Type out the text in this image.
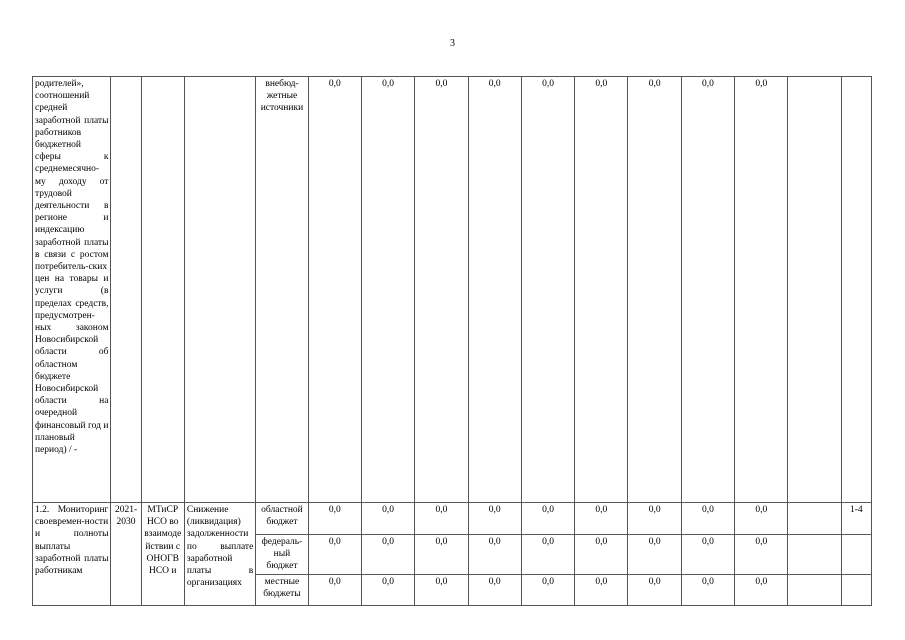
3
родителей», соотношений средней заработной платы работников бюджетной сферы к среднемесячно-му доходу от трудовой деятельности в регионе и индексацию заработной платы в связи с ростом потребитель-ских цен на товары и услуги (в пределах средств, предусмотрен-ных законом Новосибирской области об областном бюджете Новосибирской области на очередной финансовый год и плановый период) / -				внебюд-жетные источники	0,0	0,0	0,0	0,0	0,0	0,0	0,0	0,0	0,0		
1.2. Мониторинг своевремен-ности и полноты выплаты заработной платы работникам	2021-2030	МТиСР НСО во взаимоде йствии с ОНОГВ НСО и	Снижение (ликвидация) задолженности по выплате заработной платы в организациях	областной бюджет	0,0	0,0	0,0	0,0	0,0	0,0	0,0	0,0	0,0		1-4
				федераль-ный бюджет	0,0	0,0	0,0	0,0	0,0	0,0	0,0	0,0	0,0		
				местные бюджеты	0,0	0,0	0,0	0,0	0,0	0,0	0,0	0,0	0,0		
